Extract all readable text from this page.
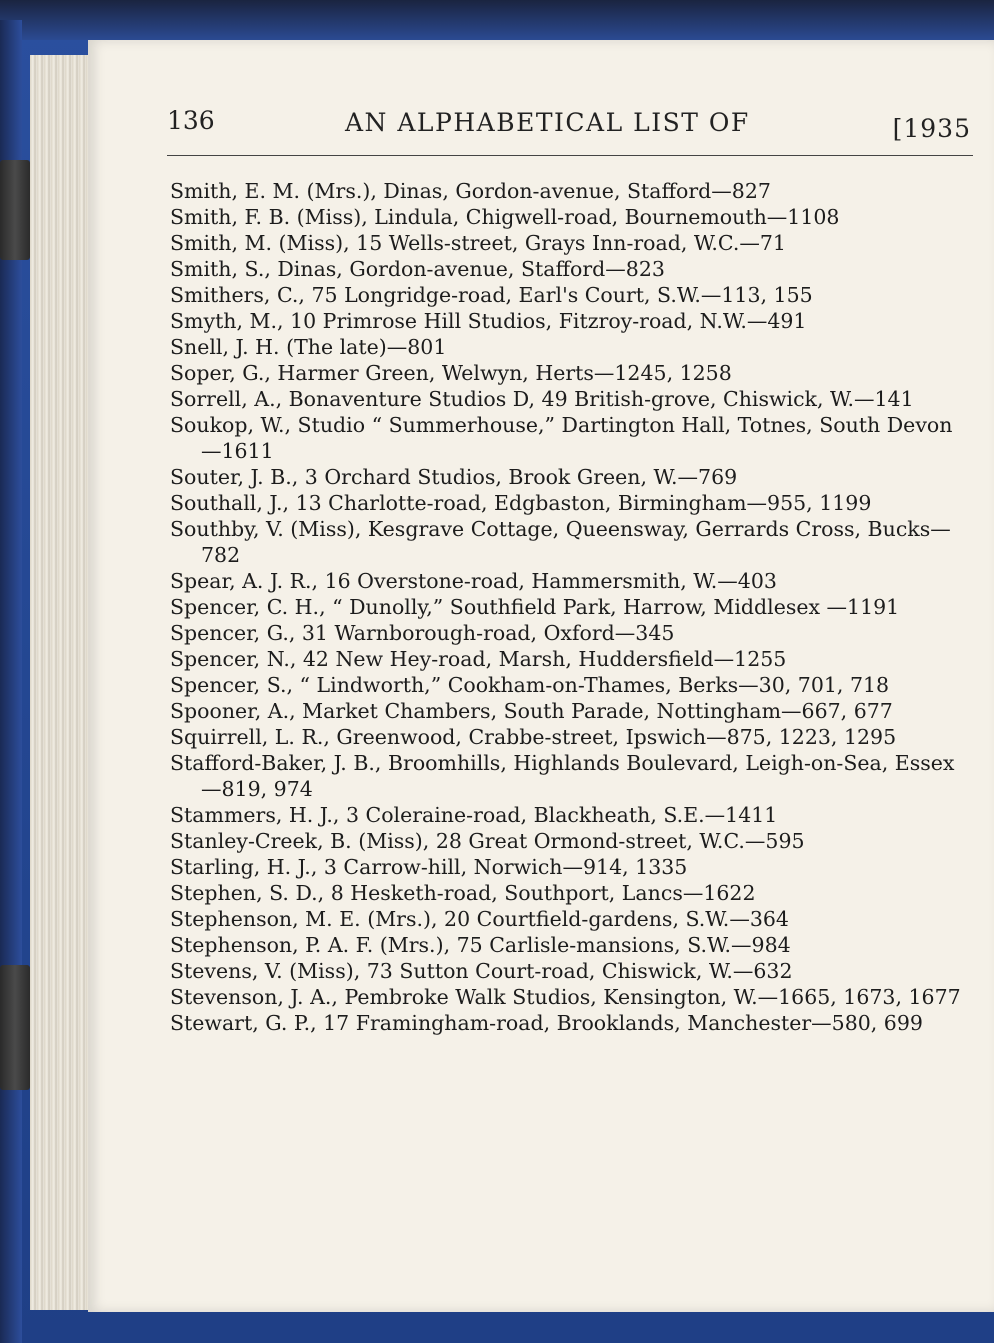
136	AN ALPHABETICAL LIST OF	[1935
Smith, E. M. (Mrs.), Dinas, Gordon-avenue, Stafford—827
Smith, F. B. (Miss), Lindula, Chigwell-road, Bournemouth—1108
Smith, M. (Miss), 15 Wells-street, Grays Inn-road, W.C.—71
Smith, S., Dinas, Gordon-avenue, Stafford—823
Smithers, C., 75 Longridge-road, Earl's Court, S.W.—113, 155
Smyth, M., 10 Primrose Hill Studios, Fitzroy-road, N.W.—491
Snell, J. H. (The late)—801
Soper, G., Harmer Green, Welwyn, Herts—1245, 1258
Sorrell, A., Bonaventure Studios D, 49 British-grove, Chiswick, W.—141
Soukop, W., Studio “ Summerhouse,” Dartington Hall, Totnes, South Devon—1611
Souter, J. B., 3 Orchard Studios, Brook Green, W.—769
Southall, J., 13 Charlotte-road, Edgbaston, Birmingham—955, 1199
Southby, V. (Miss), Kesgrave Cottage, Queensway, Gerrards Cross, Bucks—782
Spear, A. J. R., 16 Overstone-road, Hammersmith, W.—403
Spencer, C. H., “ Dunolly,” Southfield Park, Harrow, Middlesex —1191
Spencer, G., 31 Warnborough-road, Oxford—345
Spencer, N., 42 New Hey-road, Marsh, Huddersfield—1255
Spencer, S., “ Lindworth,” Cookham-on-Thames, Berks—30, 701, 718
Spooner, A., Market Chambers, South Parade, Nottingham—667, 677
Squirrell, L. R., Greenwood, Crabbe-street, Ipswich—875, 1223, 1295
Stafford-Baker, J. B., Broomhills, Highlands Boulevard, Leigh-on-Sea, Essex—819, 974
Stammers, H. J., 3 Coleraine-road, Blackheath, S.E.—1411
Stanley-Creek, B. (Miss), 28 Great Ormond-street, W.C.—595
Starling, H. J., 3 Carrow-hill, Norwich—914, 1335
Stephen, S. D., 8 Hesketh-road, Southport, Lancs—1622
Stephenson, M. E. (Mrs.), 20 Courtfield-gardens, S.W.—364
Stephenson, P. A. F. (Mrs.), 75 Carlisle-mansions, S.W.—984
Stevens, V. (Miss), 73 Sutton Court-road, Chiswick, W.—632
Stevenson, J. A., Pembroke Walk Studios, Kensington, W.—1665, 1673, 1677
Stewart, G. P., 17 Framingham-road, Brooklands, Manchester—580, 699
